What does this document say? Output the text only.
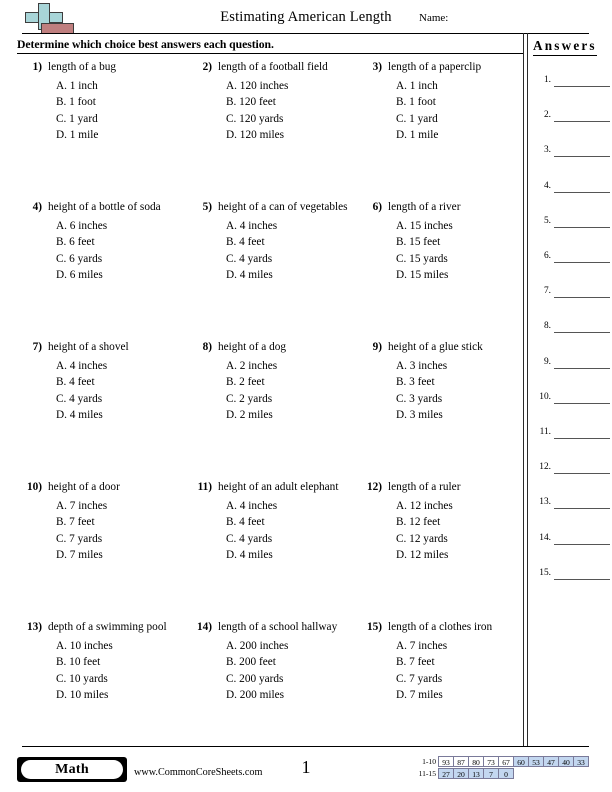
Estimating American Length	Name:
Determine which choice best answers each question.
1) length of a bug
A. 1 inch
B. 1 foot
C. 1 yard
D. 1 mile
2) length of a football field
A. 120 inches
B. 120 feet
C. 120 yards
D. 120 miles
3) length of a paperclip
A. 1 inch
B. 1 foot
C. 1 yard
D. 1 mile
4) height of a bottle of soda
A. 6 inches
B. 6 feet
C. 6 yards
D. 6 miles
5) height of a can of vegetables
A. 4 inches
B. 4 feet
C. 4 yards
D. 4 miles
6) length of a river
A. 15 inches
B. 15 feet
C. 15 yards
D. 15 miles
7) height of a shovel
A. 4 inches
B. 4 feet
C. 4 yards
D. 4 miles
8) height of a dog
A. 2 inches
B. 2 feet
C. 2 yards
D. 2 miles
9) height of a glue stick
A. 3 inches
B. 3 feet
C. 3 yards
D. 3 miles
10) height of a door
A. 7 inches
B. 7 feet
C. 7 yards
D. 7 miles
11) height of an adult elephant
A. 4 inches
B. 4 feet
C. 4 yards
D. 4 miles
12) length of a ruler
A. 12 inches
B. 12 feet
C. 12 yards
D. 12 miles
13) depth of a swimming pool
A. 10 inches
B. 10 feet
C. 10 yards
D. 10 miles
14) length of a school hallway
A. 200 inches
B. 200 feet
C. 200 yards
D. 200 miles
15) length of a clothes iron
A. 7 inches
B. 7 feet
C. 7 yards
D. 7 miles
Answers
1.
2.
3.
4.
5.
6.
7.
8.
9.
10.
11.
12.
13.
14.
15.
Math	www.CommonCoreSheets.com	1	1-10 93 87 80 73 67 60 53 47 40 33
11-15 27 20 13 7 0
